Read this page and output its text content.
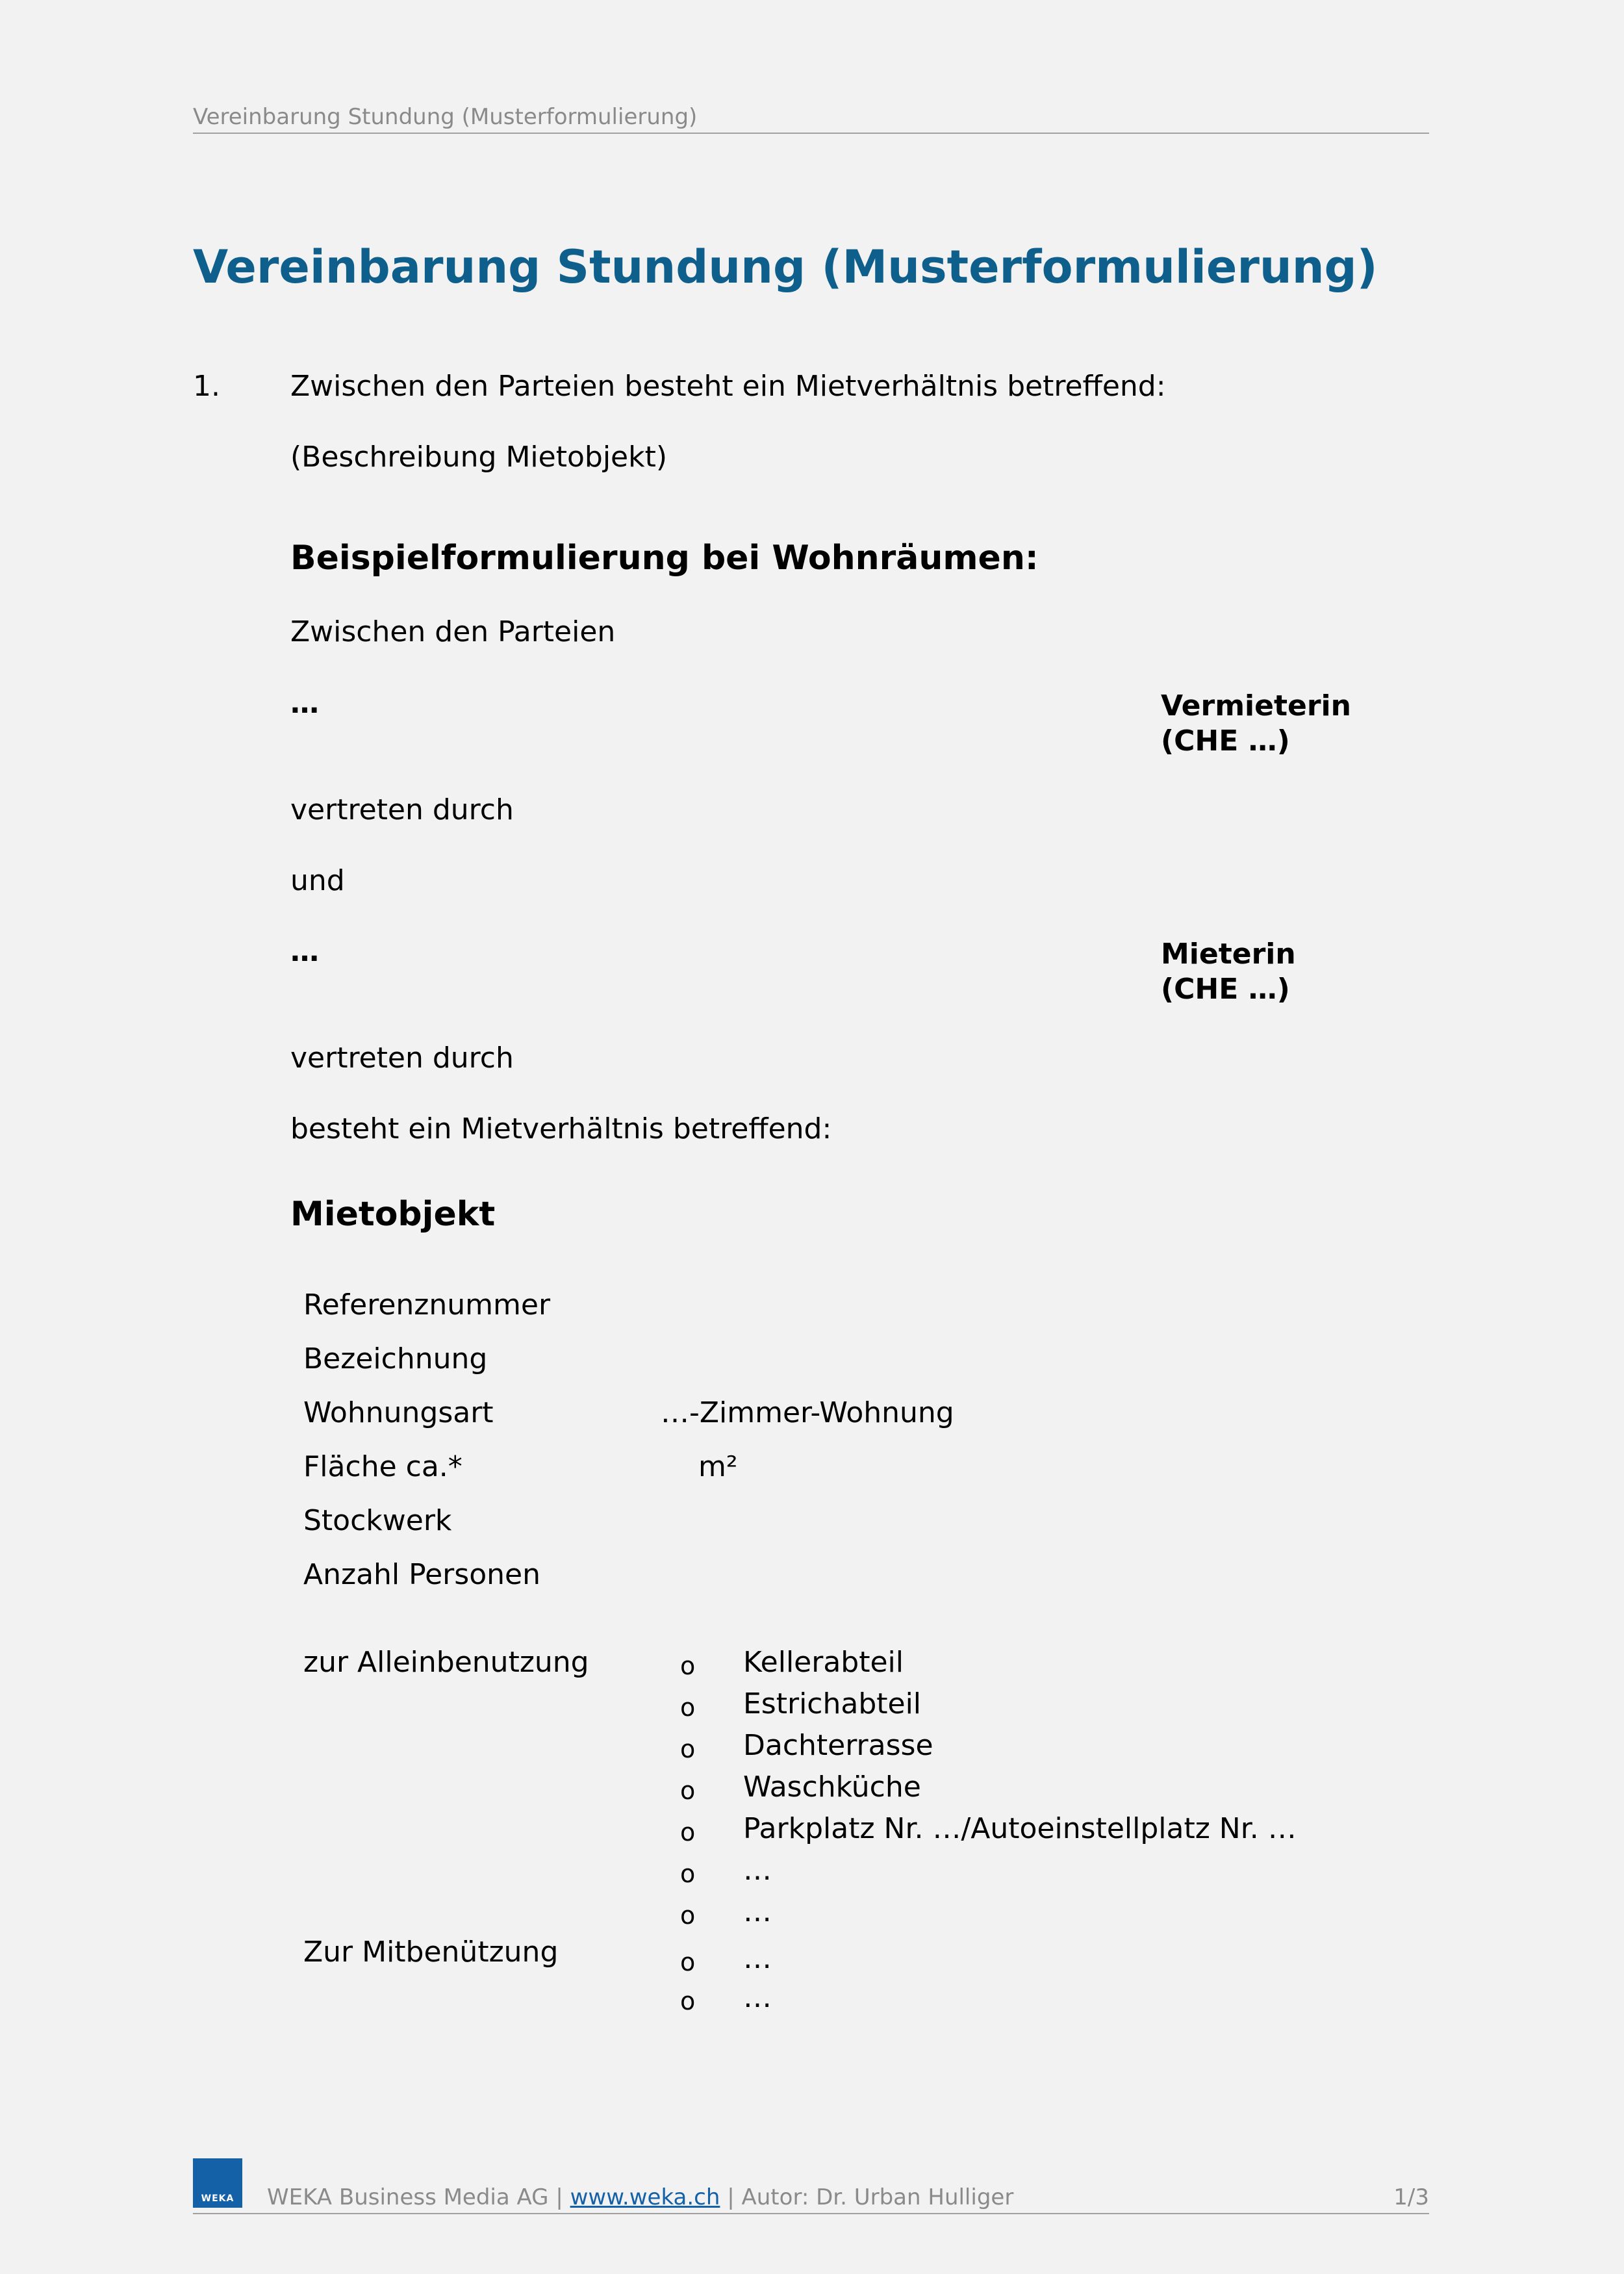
Vereinbarung Stundung (Musterformulierung)
Vereinbarung Stundung (Musterformulierung)

1. Zwischen den Parteien besteht ein Mietverhältnis betreffend:

(Beschreibung Mietobjekt)

Beispielformulierung bei Wohnräumen:

Zwischen den Parteien

…	Vermieterin

(CHE …)

vertreten durch

und

…	Mieterin

(CHE …)

vertreten durch

besteht ein Mietverhältnis betreffend:

Mietobjekt

Referenznummer

Bezeichnung

Wohnungsart	…-Zimmer-Wohnung

Fläche ca.*	m²

Stockwerk

Anzahl Personen

zur Alleinbenutzung	o Kellerabteil

o Estrichabteil

o Dachterrasse

o Waschküche

o Parkplatz Nr. …/Autoeinstellplatz Nr. …

o …

o …

Zur Mitbenützung	o …

o …

WEKA	WEKA Business Media AG | www.weka.ch | Autor: Dr. Urban Hulliger	1/3
